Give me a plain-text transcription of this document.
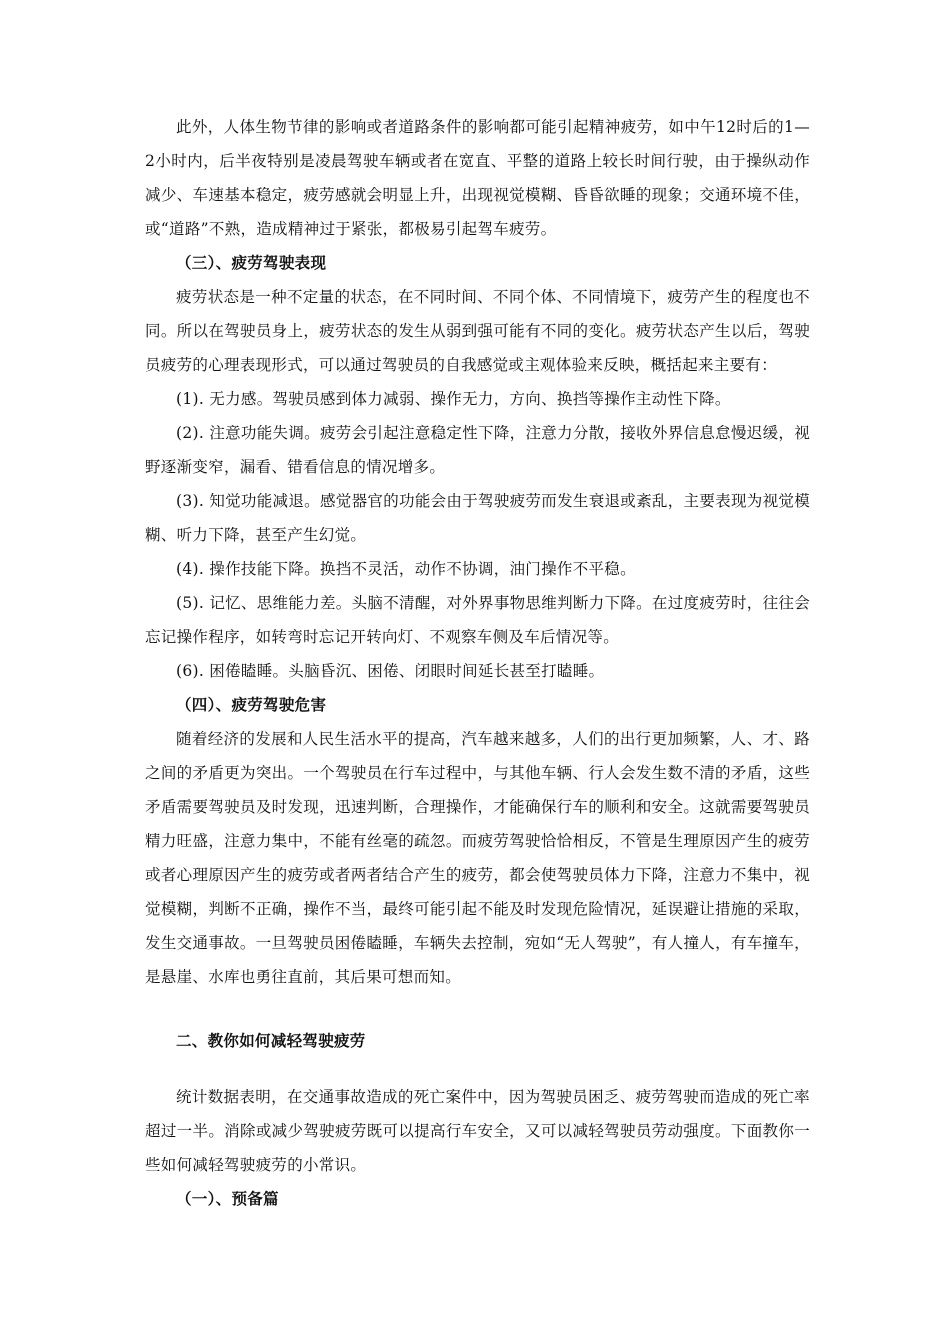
此外，人体生物节律的影响或者道路条件的影响都可能引起精神疲劳，如中午12时后的1—2小时内，后半夜特别是凌晨驾驶车辆或者在宽直、平整的道路上较长时间行驶，由于操纵动作减少、车速基本稳定，疲劳感就会明显上升，出现视觉模糊、昏昏欲睡的现象；交通环境不佳，或“道路”不熟，造成精神过于紧张，都极易引起驾车疲劳。

（三）、疲劳驾驶表现

疲劳状态是一种不定量的状态，在不同时间、不同个体、不同情境下，疲劳产生的程度也不同。所以在驾驶员身上，疲劳状态的发生从弱到强可能有不同的变化。疲劳状态产生以后，驾驶员疲劳的心理表现形式，可以通过驾驶员的自我感觉或主观体验来反映，概括起来主要有：

(1). 无力感。驾驶员感到体力减弱、操作无力，方向、换挡等操作主动性下降。

(2). 注意功能失调。疲劳会引起注意稳定性下降，注意力分散，接收外界信息怠慢迟缓，视野逐渐变窄，漏看、错看信息的情况增多。

(3). 知觉功能减退。感觉器官的功能会由于驾驶疲劳而发生衰退或紊乱，主要表现为视觉模糊、听力下降，甚至产生幻觉。

(4). 操作技能下降。换挡不灵活，动作不协调，油门操作不平稳。

(5). 记忆、思维能力差。头脑不清醒，对外界事物思维判断力下降。在过度疲劳时，往往会忘记操作程序，如转弯时忘记开转向灯、不观察车侧及车后情况等。

(6). 困倦瞌睡。头脑昏沉、困倦、闭眼时间延长甚至打瞌睡。

（四）、疲劳驾驶危害

随着经济的发展和人民生活水平的提高，汽车越来越多，人们的出行更加频繁，人、才、路之间的矛盾更为突出。一个驾驶员在行车过程中，与其他车辆、行人会发生数不清的矛盾，这些矛盾需要驾驶员及时发现，迅速判断，合理操作，才能确保行车的顺利和安全。这就需要驾驶员精力旺盛，注意力集中，不能有丝毫的疏忽。而疲劳驾驶恰恰相反，不管是生理原因产生的疲劳或者心理原因产生的疲劳或者两者结合产生的疲劳，都会使驾驶员体力下降，注意力不集中，视觉模糊，判断不正确，操作不当，最终可能引起不能及时发现危险情况，延误避让措施的采取，发生交通事故。一旦驾驶员困倦瞌睡，车辆失去控制，宛如“无人驾驶”，有人撞人，有车撞车，是悬崖、水库也勇往直前，其后果可想而知。

二、教你如何减轻驾驶疲劳

统计数据表明，在交通事故造成的死亡案件中，因为驾驶员困乏、疲劳驾驶而造成的死亡率超过一半。消除或减少驾驶疲劳既可以提高行车安全，又可以减轻驾驶员劳动强度。下面教你一些如何减轻驾驶疲劳的小常识。

（一）、预备篇
